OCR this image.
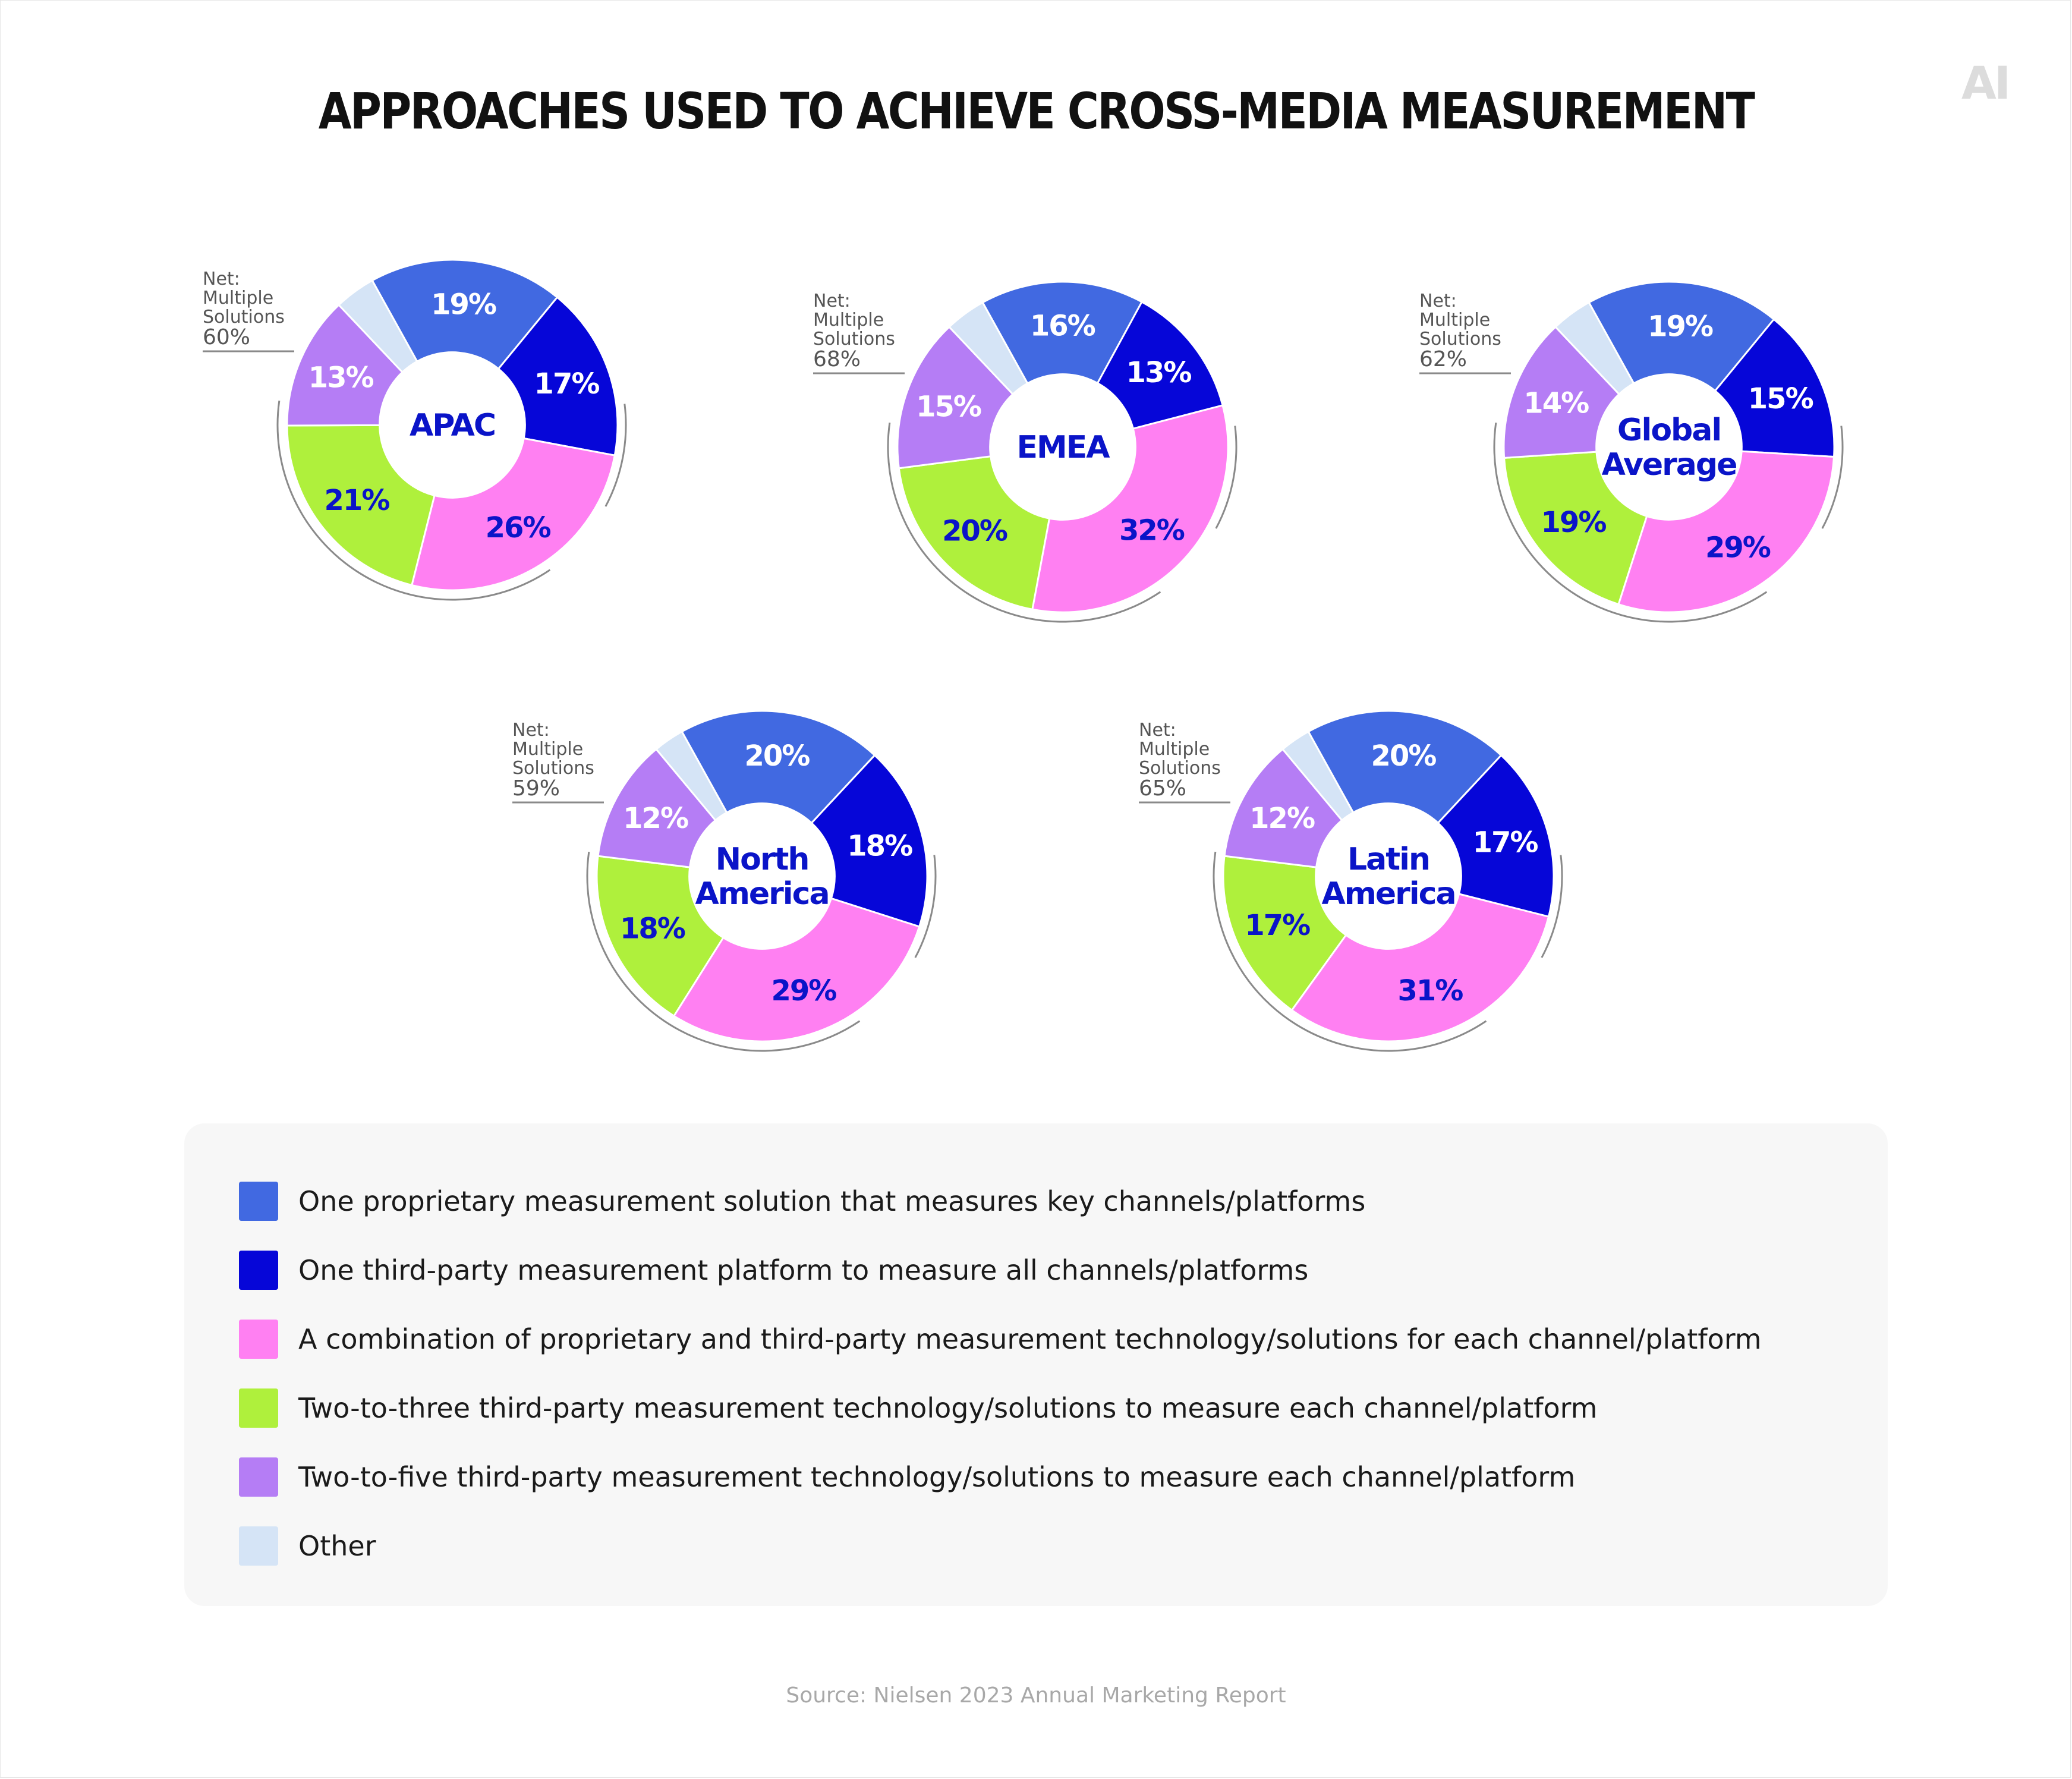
APPROACHES USED TO ACHIEVE CROSS-MEDIA MEASUREMENT	AI
19%
17%
26%
21%
13%
APAC
Net:
Multiple
Solutions
60%	16%
13%
32%
20%
15%
EMEA
Net:
Multiple
Solutions
68%
19%
15%
29%
19%
14%
Global
Average
Net:
Multiple
Solutions
62%
20%
18%
29%
18%
12%
North
America
Net:
Multiple
Solutions
59%
20%
17%
31%
17%
12%
Latin
America
Net:
Multiple
Solutions
65%
One proprietary measurement solution that measures key channels/platforms
One third-party measurement platform to measure all channels/platforms
A combination of proprietary and third-party measurement technology/solutions for each channel/platform
Two-to-three third-party measurement technology/solutions to measure each channel/platform
Two-to-five third-party measurement technology/solutions to measure each channel/platform
Other
Source: Nielsen 2023 Annual Marketing Report
